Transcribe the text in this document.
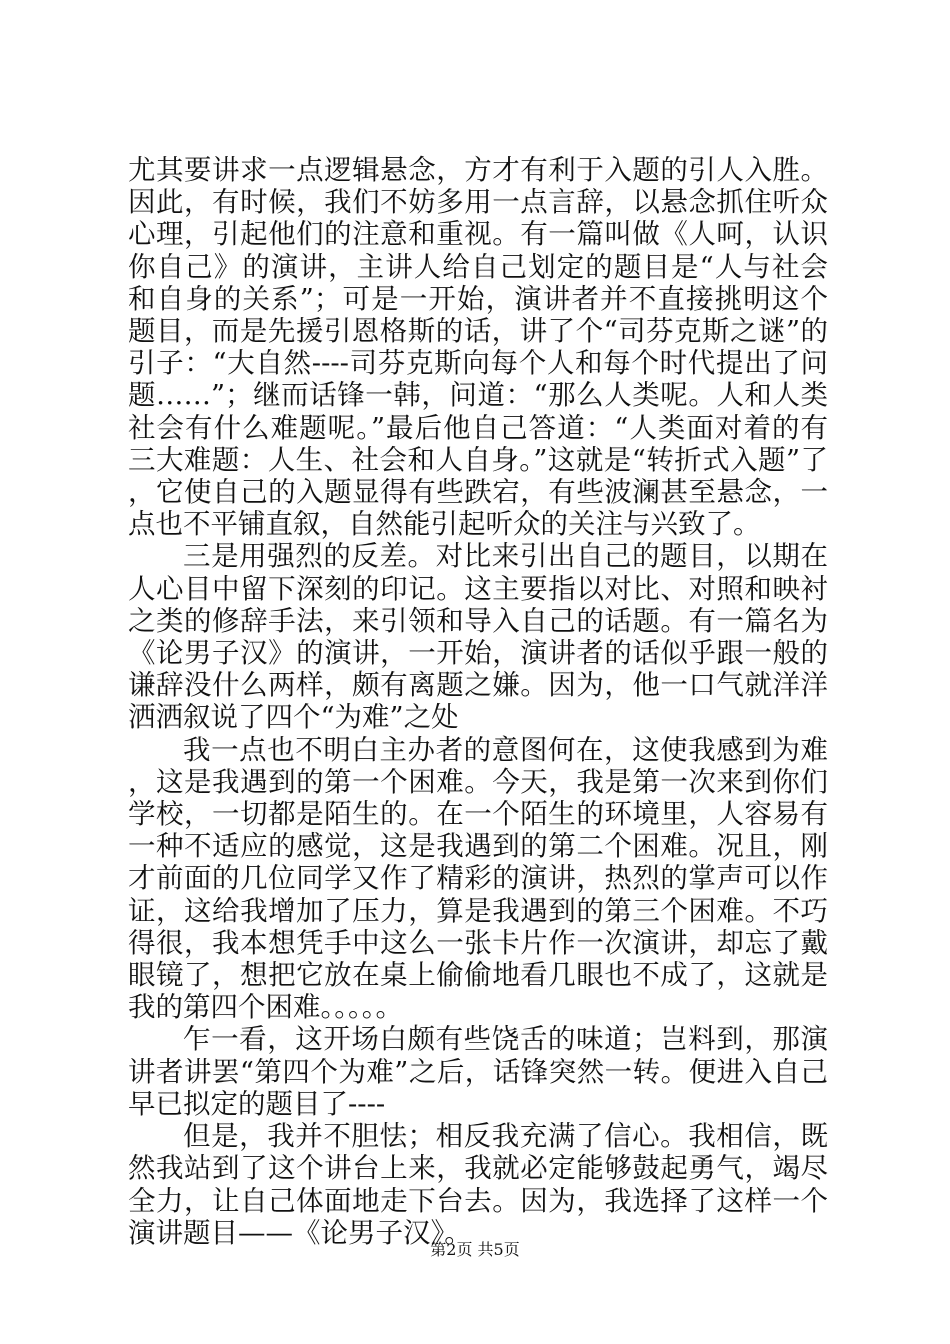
尤其要讲求一点逻辑悬念，方才有利于入题的引人入胜。因此，有时候，我们不妨多用一点言辞，以悬念抓住听众心理，引起他们的注意和重视。有一篇叫做《人呵，认识你自己》的演讲，主讲人给自己划定的题目是“人与社会和自身的关系”；可是一开始，演讲者并不直接挑明这个题目，而是先援引恩格斯的话，讲了个“司芬克斯之谜”的引子：“大自然----司芬克斯向每个人和每个时代提出了问题……”；继而话锋一韩，问道：“那么人类呢。人和人类社会有什么难题呢。”最后他自己答道：“人类面对着的有三大难题：人生、社会和人自身。”这就是“转折式入题”了，它使自己的入题显得有些跌宕，有些波澜甚至悬念，一点也不平铺直叙，自然能引起听众的关注与兴致了。

三是用强烈的反差。对比来引出自己的题目，以期在人心目中留下深刻的印记。这主要指以对比、对照和映衬之类的修辞手法，来引领和导入自己的话题。有一篇名为《论男子汉》的演讲，一开始，演讲者的话似乎跟一般的谦辞没什么两样，颇有离题之嫌。因为，他一口气就洋洋洒洒叙说了四个“为难”之处

我一点也不明白主办者的意图何在，这使我感到为难，这是我遇到的第一个困难。今天，我是第一次来到你们学校，一切都是陌生的。在一个陌生的环境里，人容易有一种不适应的感觉，这是我遇到的第二个困难。况且，刚才前面的几位同学又作了精彩的演讲，热烈的掌声可以作证，这给我增加了压力，算是我遇到的第三个困难。不巧得很，我本想凭手中这么一张卡片作一次演讲，却忘了戴眼镜了，想把它放在桌上偷偷地看几眼也不成了，这就是我的第四个困难。。。。。

乍一看，这开场白颇有些饶舌的味道；岂料到，那演讲者讲罢“第四个为难”之后，话锋突然一转。便进入自己早已拟定的题目了----

但是，我并不胆怯；相反我充满了信心。我相信，既然我站到了这个讲台上来，我就必定能够鼓起勇气，竭尽全力，让自己体面地走下台去。因为，我选择了这样一个演讲题目——《论男子汉》。

第2页 共5页
